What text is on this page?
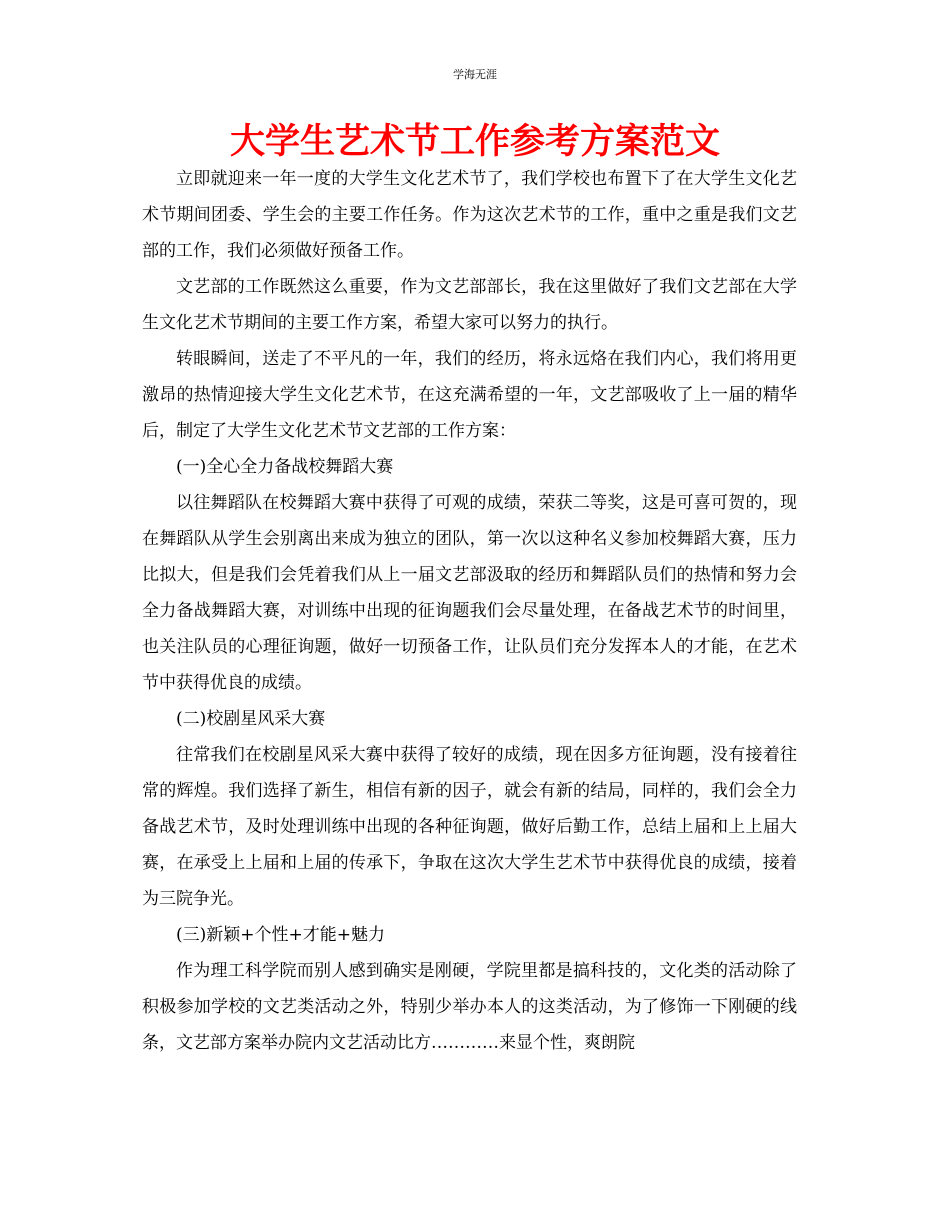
学海无涯
大学生艺术节工作参考方案范文

立即就迎来一年一度的大学生文化艺术节了，我们学校也布置下了在大学生文化艺术节期间团委、学生会的主要工作任务。作为这次艺术节的工作，重中之重是我们文艺部的工作，我们必须做好预备工作。

文艺部的工作既然这么重要，作为文艺部部长，我在这里做好了我们文艺部在大学生文化艺术节期间的主要工作方案，希望大家可以努力的执行。

转眼瞬间，送走了不平凡的一年，我们的经历，将永远烙在我们内心，我们将用更激昂的热情迎接大学生文化艺术节，在这充满希望的一年，文艺部吸收了上一届的精华后，制定了大学生文化艺术节文艺部的工作方案：

(一)全心全力备战校舞蹈大赛

以往舞蹈队在校舞蹈大赛中获得了可观的成绩，荣获二等奖，这是可喜可贺的，现在舞蹈队从学生会别离出来成为独立的团队，第一次以这种名义参加校舞蹈大赛，压力比拟大，但是我们会凭着我们从上一届文艺部汲取的经历和舞蹈队员们的热情和努力会全力备战舞蹈大赛，对训练中出现的征询题我们会尽量处理，在备战艺术节的时间里，也关注队员的心理征询题，做好一切预备工作，让队员们充分发挥本人的才能，在艺术节中获得优良的成绩。

(二)校剧星风采大赛

往常我们在校剧星风采大赛中获得了较好的成绩，现在因多方征询题，没有接着往常的辉煌。我们选择了新生，相信有新的因子，就会有新的结局，同样的，我们会全力备战艺术节，及时处理训练中出现的各种征询题，做好后勤工作，总结上届和上上届大赛，在承受上上届和上届的传承下，争取在这次大学生艺术节中获得优良的成绩，接着为三院争光。

(三)新颖+个性+才能+魅力

作为理工科学院而别人感到确实是刚硬，学院里都是搞科技的，文化类的活动除了积极参加学校的文艺类活动之外，特别少举办本人的这类活动，为了修饰一下刚硬的线条，文艺部方案举办院内文艺活动比方…………来显个性，爽朗院
